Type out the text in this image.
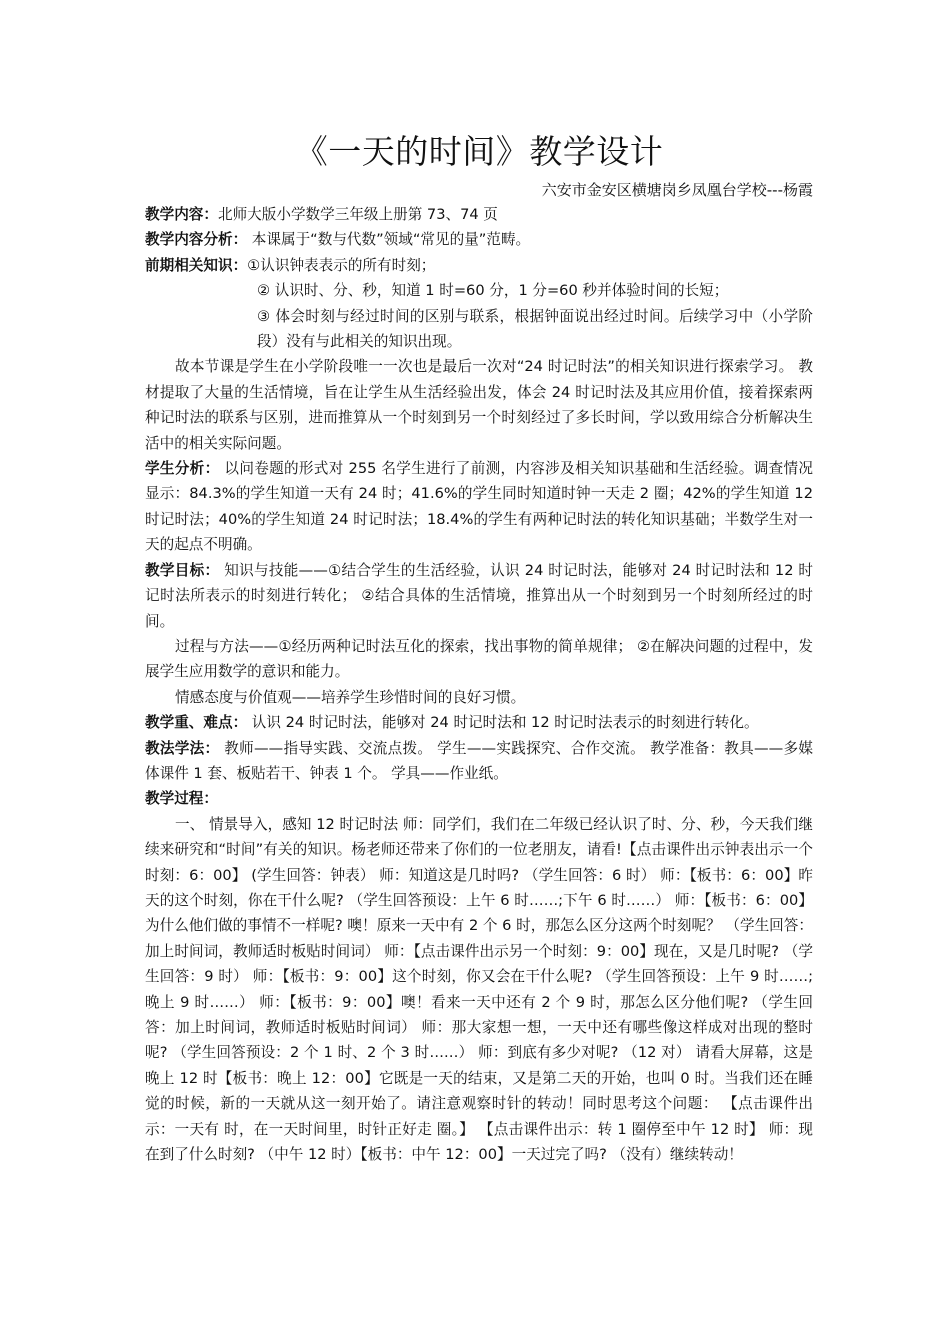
《一天的时间》教学设计
六安市金安区横塘岗乡凤凰台学校---杨霞

教学内容：北师大版小学数学三年级上册第 73、74 页

教学内容分析： 本课属于“数与代数”领域“常见的量”范畴。

前期相关知识：①认识钟表表示的所有时刻；

② 认识时、分、秒，知道 1 时=60 分，1 分=60 秒并体验时间的长短；

③ 体会时刻与经过时间的区别与联系，根据钟面说出经过时间。后续学习中（小学阶段）没有与此相关的知识出现。

故本节课是学生在小学阶段唯一一次也是最后一次对“24 时记时法”的相关知识进行探索学习。 教材提取了大量的生活情境，旨在让学生从生活经验出发，体会 24 时记时法及其应用价值，接着探索两种记时法的联系与区别，进而推算从一个时刻到另一个时刻经过了多长时间，学以致用综合分析解决生活中的相关实际问题。

学生分析： 以问卷题的形式对 255 名学生进行了前测，内容涉及相关知识基础和生活经验。调查情况显示：84.3%的学生知道一天有 24 时；41.6%的学生同时知道时钟一天走 2 圈；42%的学生知道 12 时记时法；40%的学生知道 24 时记时法；18.4%的学生有两种记时法的转化知识基础；半数学生对一天的起点不明确。

教学目标： 知识与技能——①结合学生的生活经验，认识 24 时记时法，能够对 24 时记时法和 12 时记时法所表示的时刻进行转化； ②结合具体的生活情境，推算出从一个时刻到另一个时刻所经过的时间。

过程与方法——①经历两种记时法互化的探索，找出事物的简单规律； ②在解决问题的过程中，发展学生应用数学的意识和能力。

情感态度与价值观——培养学生珍惜时间的良好习惯。

教学重、难点： 认识 24 时记时法，能够对 24 时记时法和 12 时记时法表示的时刻进行转化。

教法学法： 教师——指导实践、交流点拨。 学生——实践探究、合作交流。 教学准备：教具——多媒体课件 1 套、板贴若干、钟表 1 个。 学具——作业纸。

教学过程：

一、 情景导入，感知 12 时记时法 师：同学们，我们在二年级已经认识了时、分、秒，今天我们继续来研究和“时间”有关的知识。杨老师还带来了你们的一位老朋友，请看!【点击课件出示钟表出示一个时刻：6：00】 (学生回答：钟表） 师：知道这是几时吗? （学生回答：6 时） 师：【板书：6：00】昨天的这个时刻，你在干什么呢? （学生回答预设：上午 6 时……;下午 6 时……） 师：【板书：6：00】为什么他们做的事情不一样呢? 噢！原来一天中有 2 个 6 时，那怎么区分这两个时刻呢？ （学生回答：加上时间词，教师适时板贴时间词） 师：【点击课件出示另一个时刻：9：00】现在，又是几时呢? （学生回答：9 时） 师：【板书：9：00】这个时刻，你又会在干什么呢? （学生回答预设：上午 9 时……;晚上 9 时……） 师：【板书：9：00】噢！看来一天中还有 2 个 9 时，那怎么区分他们呢? （学生回答：加上时间词，教师适时板贴时间词） 师：那大家想一想，一天中还有哪些像这样成对出现的整时呢? （学生回答预设：2 个 1 时、2 个 3 时……） 师：到底有多少对呢? （12 对） 请看大屏幕，这是晚上 12 时【板书：晚上 12：00】它既是一天的结束，又是第二天的开始，也叫 0 时。当我们还在睡觉的时候，新的一天就从这一刻开始了。请注意观察时针的转动！同时思考这个问题： 【点击课件出示：一天有 时，在一天时间里，时针正好走 圈。】 【点击课件出示：转 1 圈停至中午 12 时】 师：现在到了什么时刻? （中午 12 时）【板书：中午 12：00】一天过完了吗? （没有）继续转动！
